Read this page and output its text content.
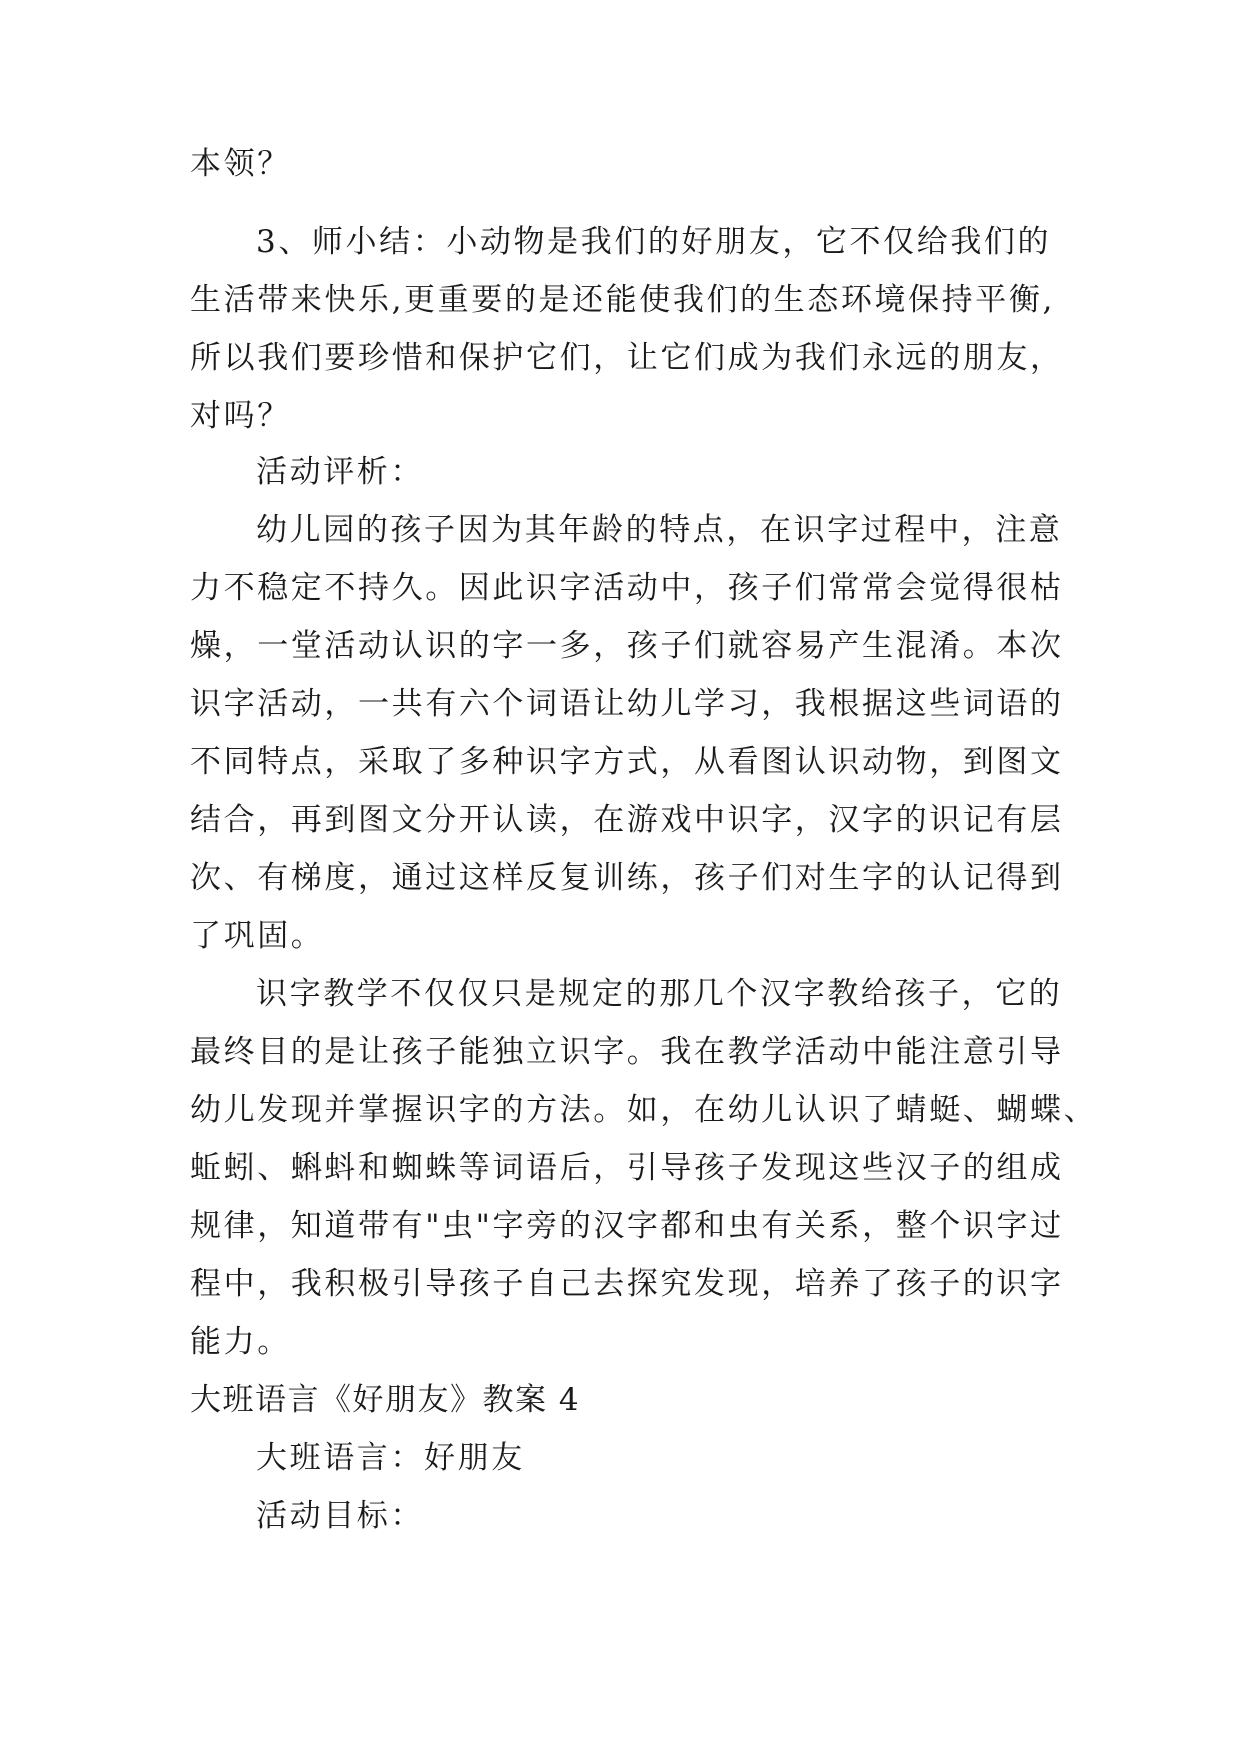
本领？
3、师小结：小动物是我们的好朋友，它不仅给我们的
生活带来快乐,更重要的是还能使我们的生态环境保持平衡,
所以我们要珍惜和保护它们，让它们成为我们永远的朋友，
对吗？
活动评析：
幼儿园的孩子因为其年龄的特点，在识字过程中，注意
力不稳定不持久。因此识字活动中，孩子们常常会觉得很枯
燥，一堂活动认识的字一多，孩子们就容易产生混淆。本次
识字活动，一共有六个词语让幼儿学习，我根据这些词语的
不同特点，采取了多种识字方式，从看图认识动物，到图文
结合，再到图文分开认读，在游戏中识字，汉字的识记有层
次、有梯度，通过这样反复训练，孩子们对生字的认记得到
了巩固。
识字教学不仅仅只是规定的那几个汉字教给孩子，它的
最终目的是让孩子能独立识字。我在教学活动中能注意引导
幼儿发现并掌握识字的方法。如，在幼儿认识了蜻蜓、蝴蝶、
蚯蚓、蝌蚪和蜘蛛等词语后，引导孩子发现这些汉子的组成
规律，知道带有"虫"字旁的汉字都和虫有关系，整个识字过
程中，我积极引导孩子自己去探究发现，培养了孩子的识字
能力。
大班语言《好朋友》教案 4
大班语言：好朋友
活动目标：
